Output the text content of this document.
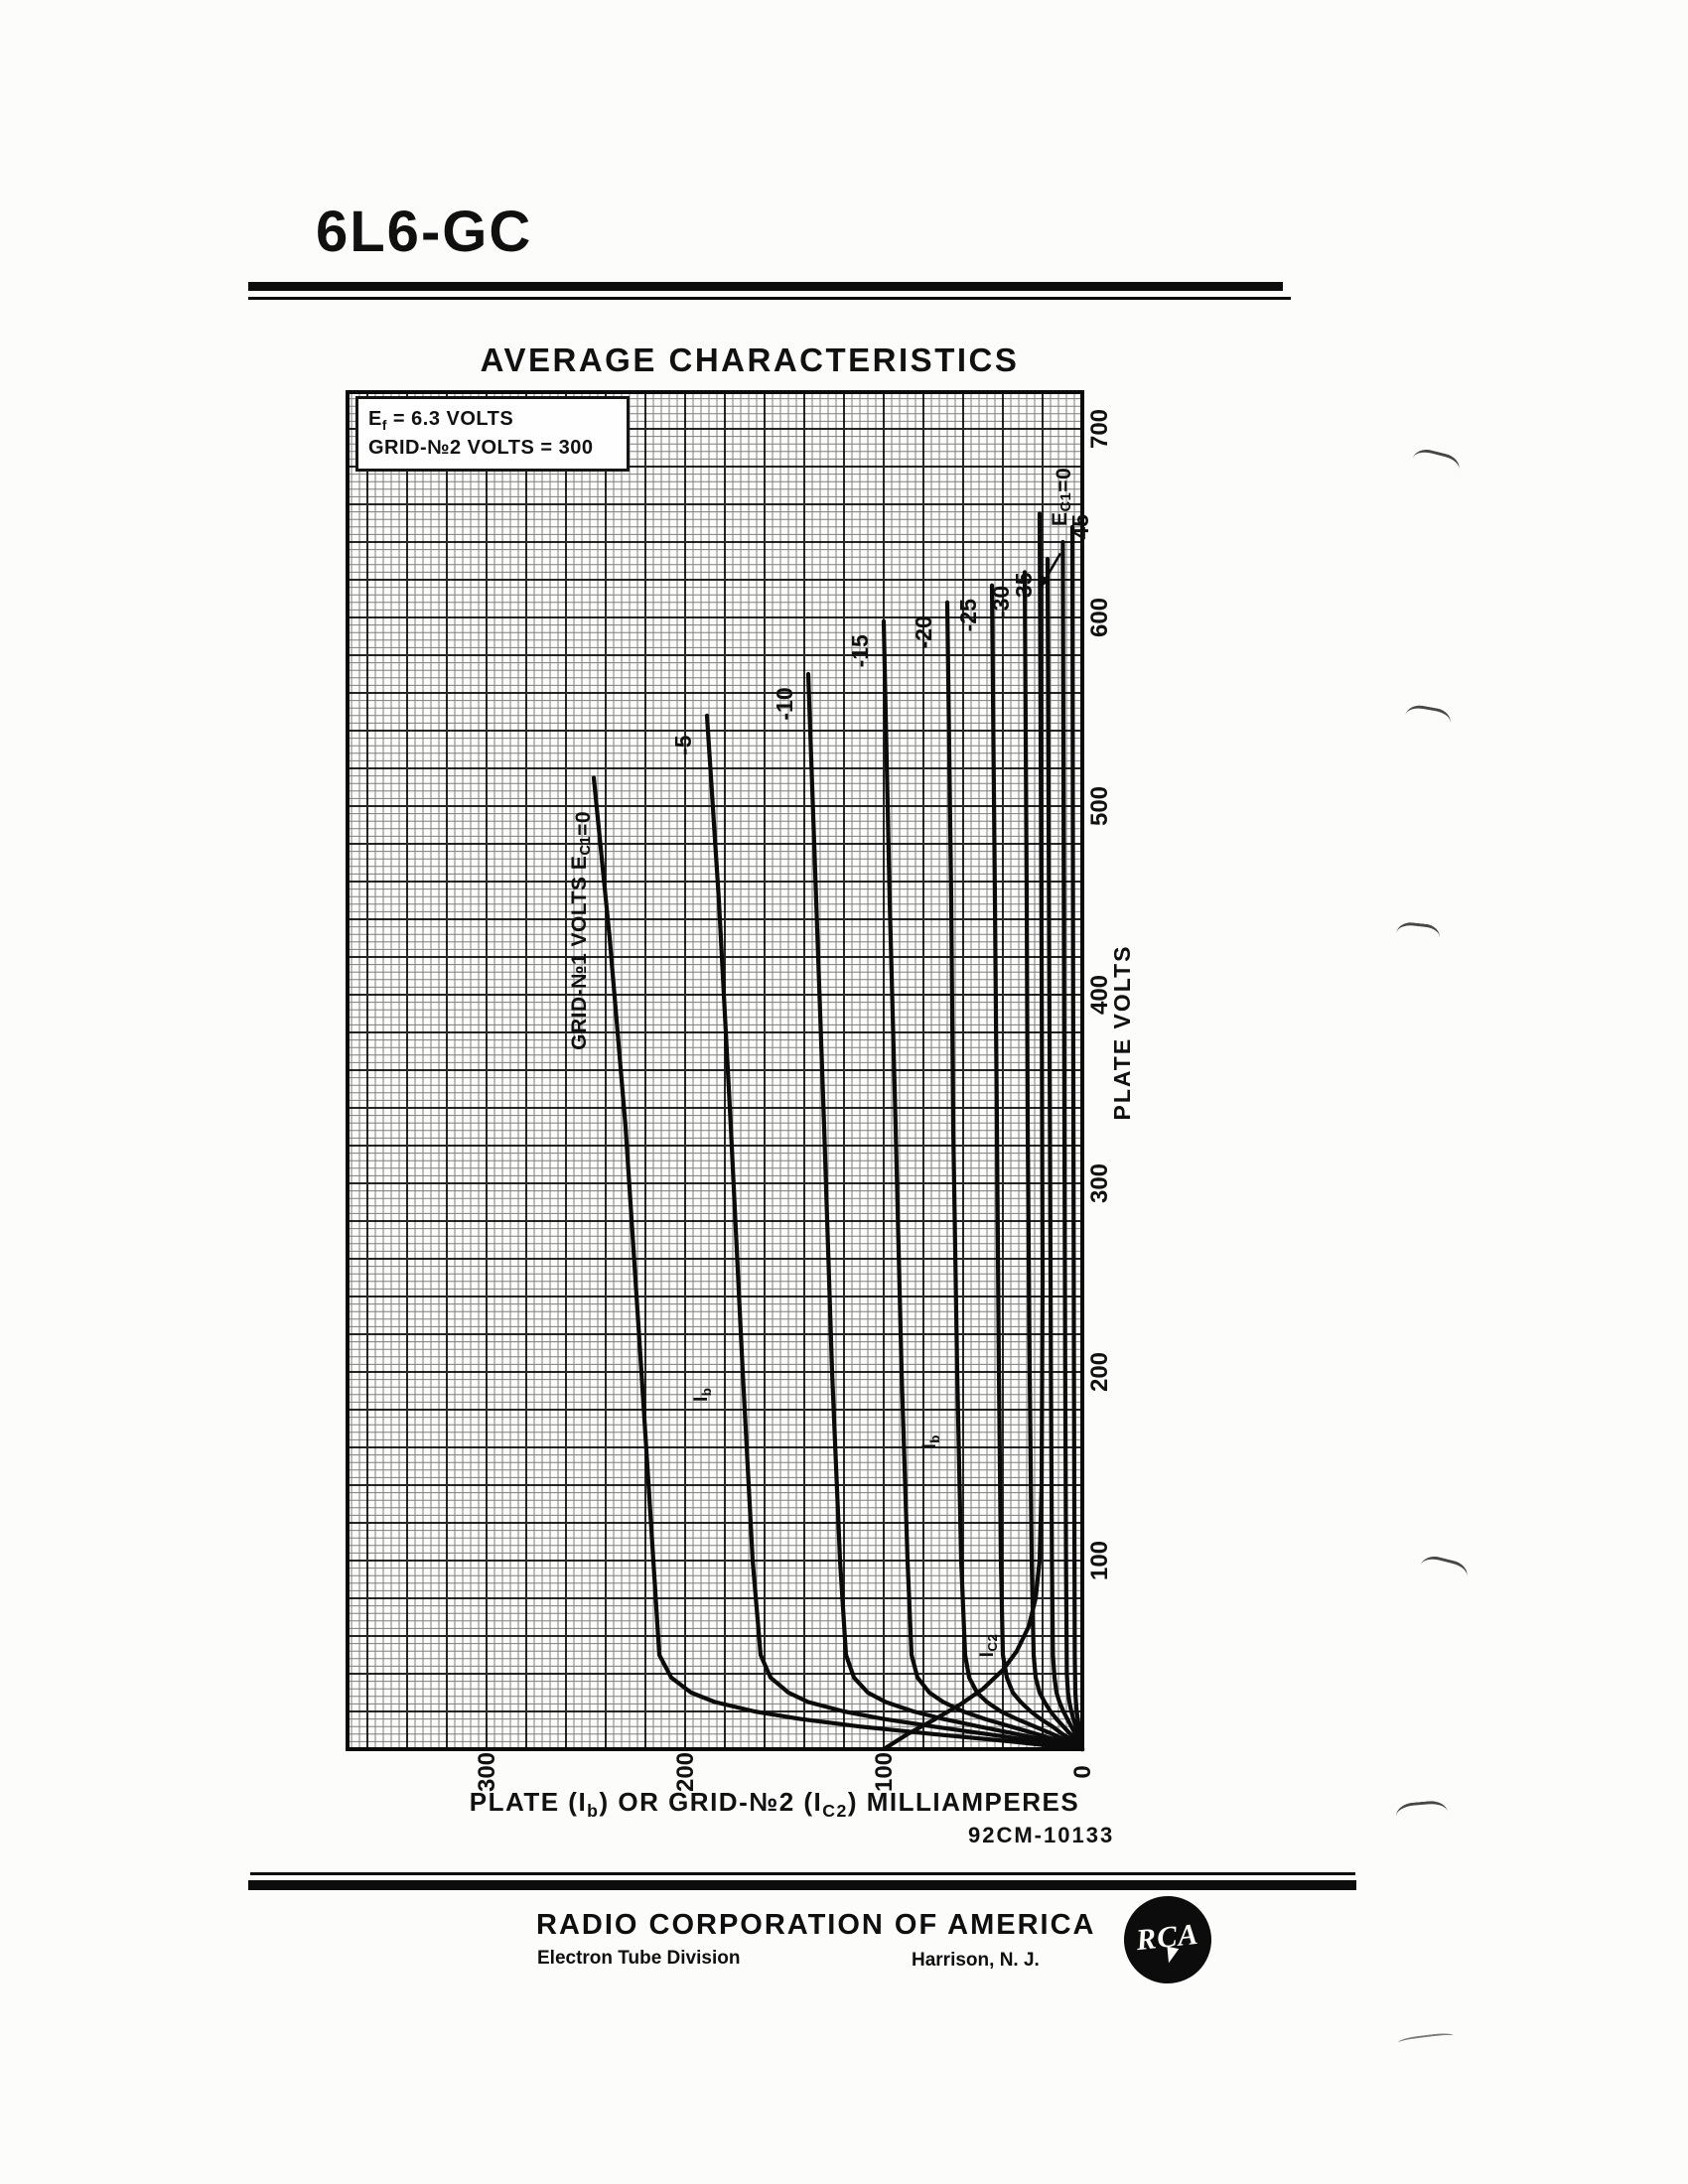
6L6-GC
AVERAGE CHARACTERISTICS
-5
-10
-15
-20
-25 -30
-35
-45
300	200	100	0
100
200
300
400
500
600
700
PLATE VOLTS
GRID-№1 VOLTS EC1=0
EC1=0
$I_b$
$I_b$
$I_{C2}$
$E_f = 6.3$ VOLTS
GRID-№2 VOLTS = 300
PLATE $(I_b)$ OR GRID-№2 $(I_{C2})$ MILLIAMPERES
92CM-10133
RADIO CORPORATION OF AMERICA
Electron Tube Division	Harrison, N. J.
RCA
